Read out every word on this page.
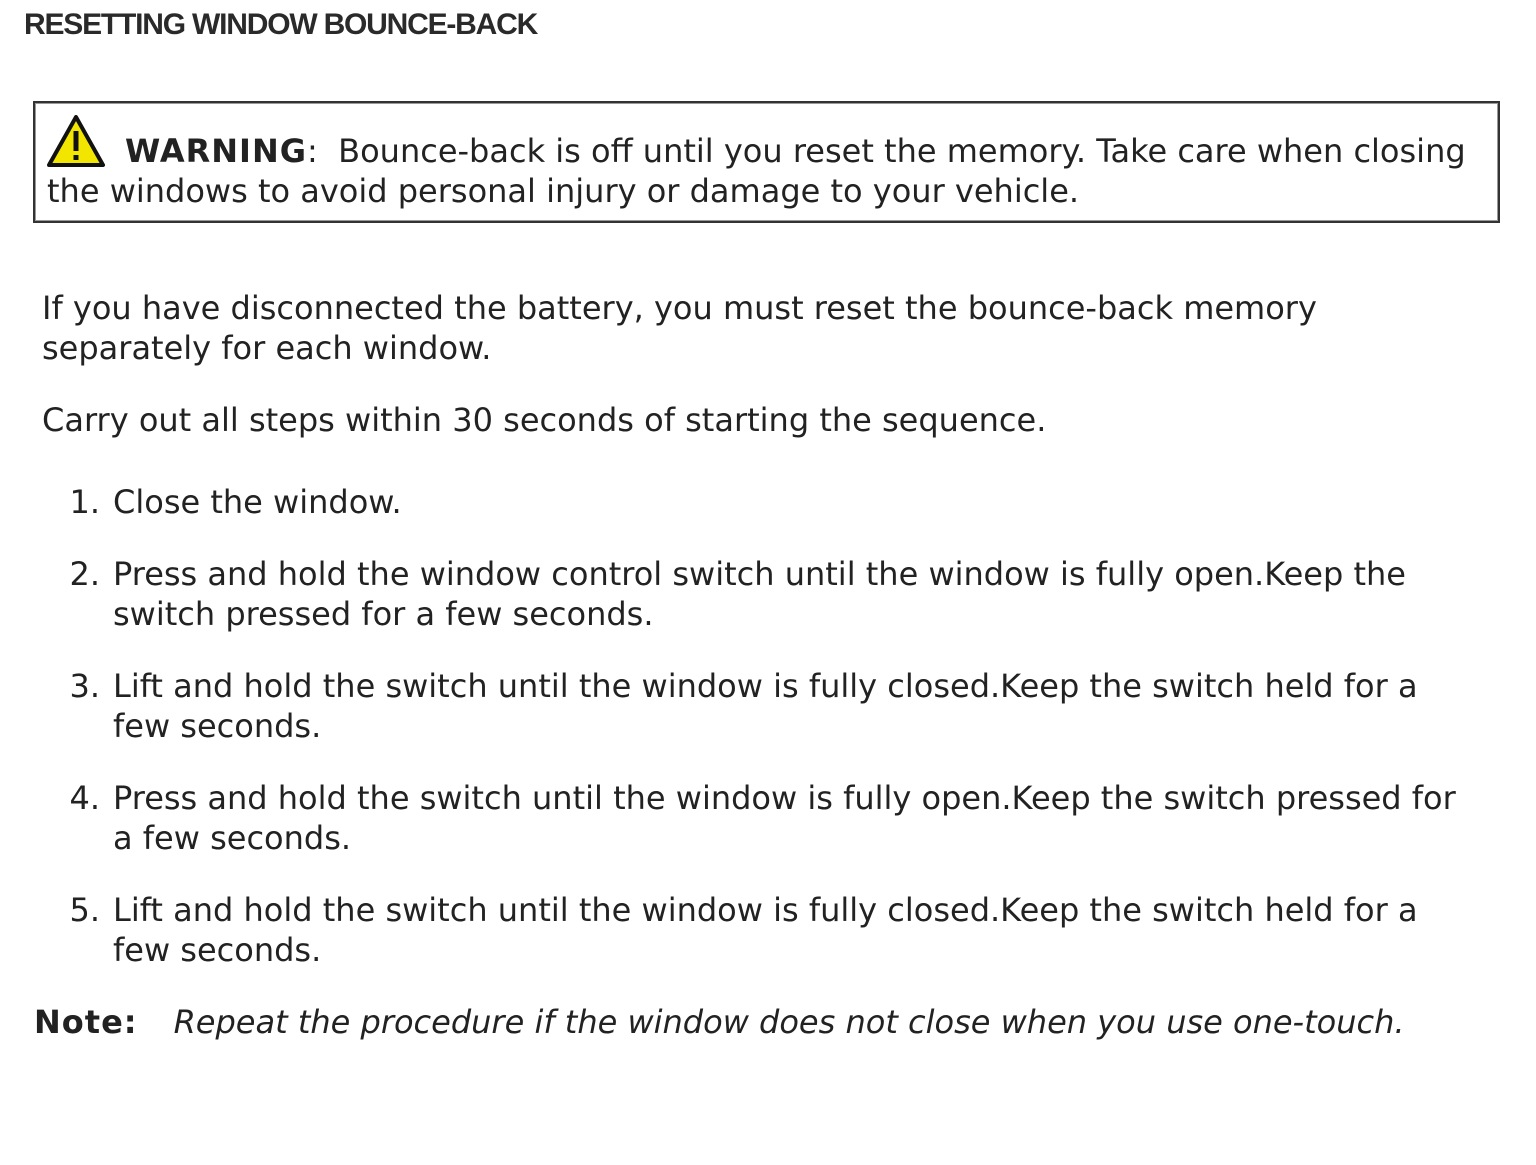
RESETTING WINDOW BOUNCE-BACK
WARNING:  Bounce-back is off until you reset the memory. Take care when closing the windows to avoid personal injury or damage to your vehicle.
If you have disconnected the battery, you must reset the bounce-back memory separately for each window.
Carry out all steps within 30 seconds of starting the sequence.
1. Close the window.
2. Press and hold the window control switch until the window is fully open.Keep the switch pressed for a few seconds.
3. Lift and hold the switch until the window is fully closed.Keep the switch held for a few seconds.
4. Press and hold the switch until the window is fully open.Keep the switch pressed for a few seconds.
5. Lift and hold the switch until the window is fully closed.Keep the switch held for a few seconds.
Note: Repeat the procedure if the window does not close when you use one-touch.
